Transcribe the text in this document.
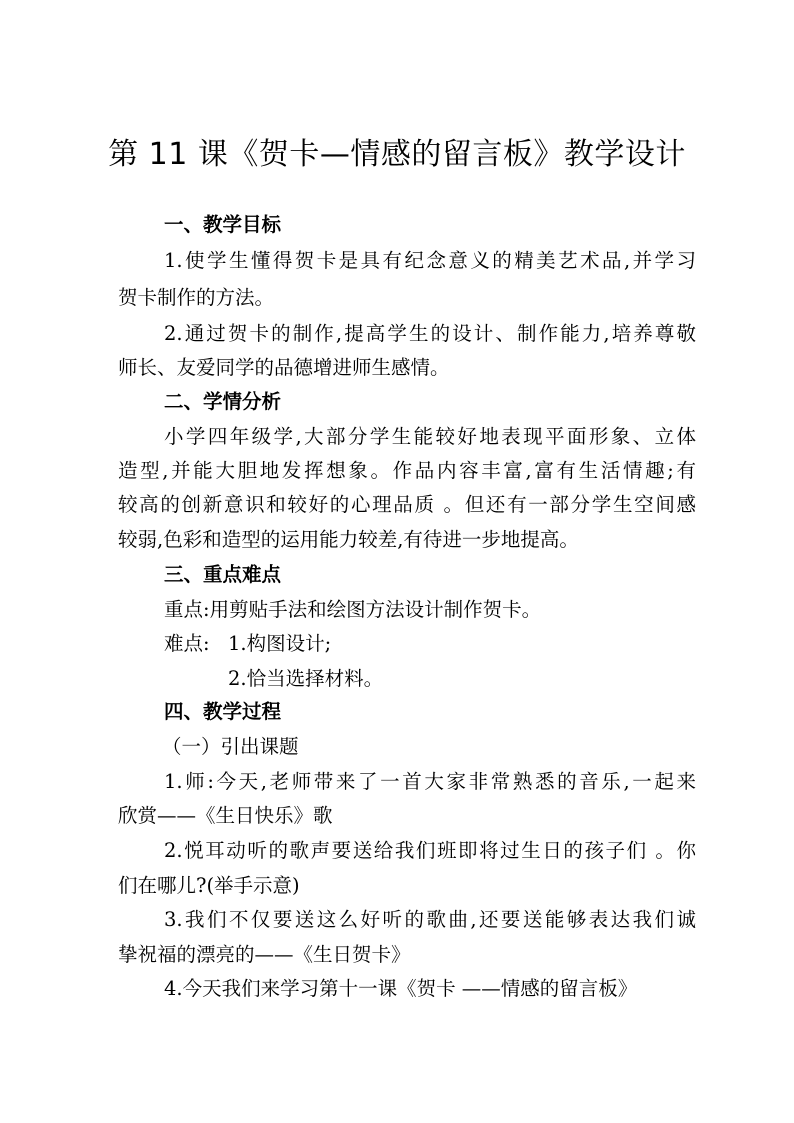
第 11 课《贺卡—情感的留言板》教学设计
一、教学目标
1.使学生懂得贺卡是具有纪念意义的精美艺术品,并学习
贺卡制作的方法。
2.通过贺卡的制作,提高学生的设计、制作能力,培养尊敬
师长、友爱同学的品德增进师生感情。
二、学情分析
小学四年级学,大部分学生能较好地表现平面形象、立体
造型,并能大胆地发挥想象。作品内容丰富,富有生活情趣;有
较高的创新意识和较好的心理品质 。但还有一部分学生空间感
较弱,色彩和造型的运用能力较差,有待进一步地提高。
三、重点难点
重点:用剪贴手法和绘图方法设计制作贺卡。
难点: 1.构图设计;
2.恰当选择材料。
四、教学过程
（一）引出课题
1.师:今天,老师带来了一首大家非常熟悉的音乐,一起来
欣赏——《生日快乐》歌
2.悦耳动听的歌声要送给我们班即将过生日的孩子们 。你
们在哪儿?(举手示意)
3.我们不仅要送这么好听的歌曲,还要送能够表达我们诚
挚祝福的漂亮的——《生日贺卡》
4.今天我们来学习第十一课《贺卡 ——情感的留言板》
